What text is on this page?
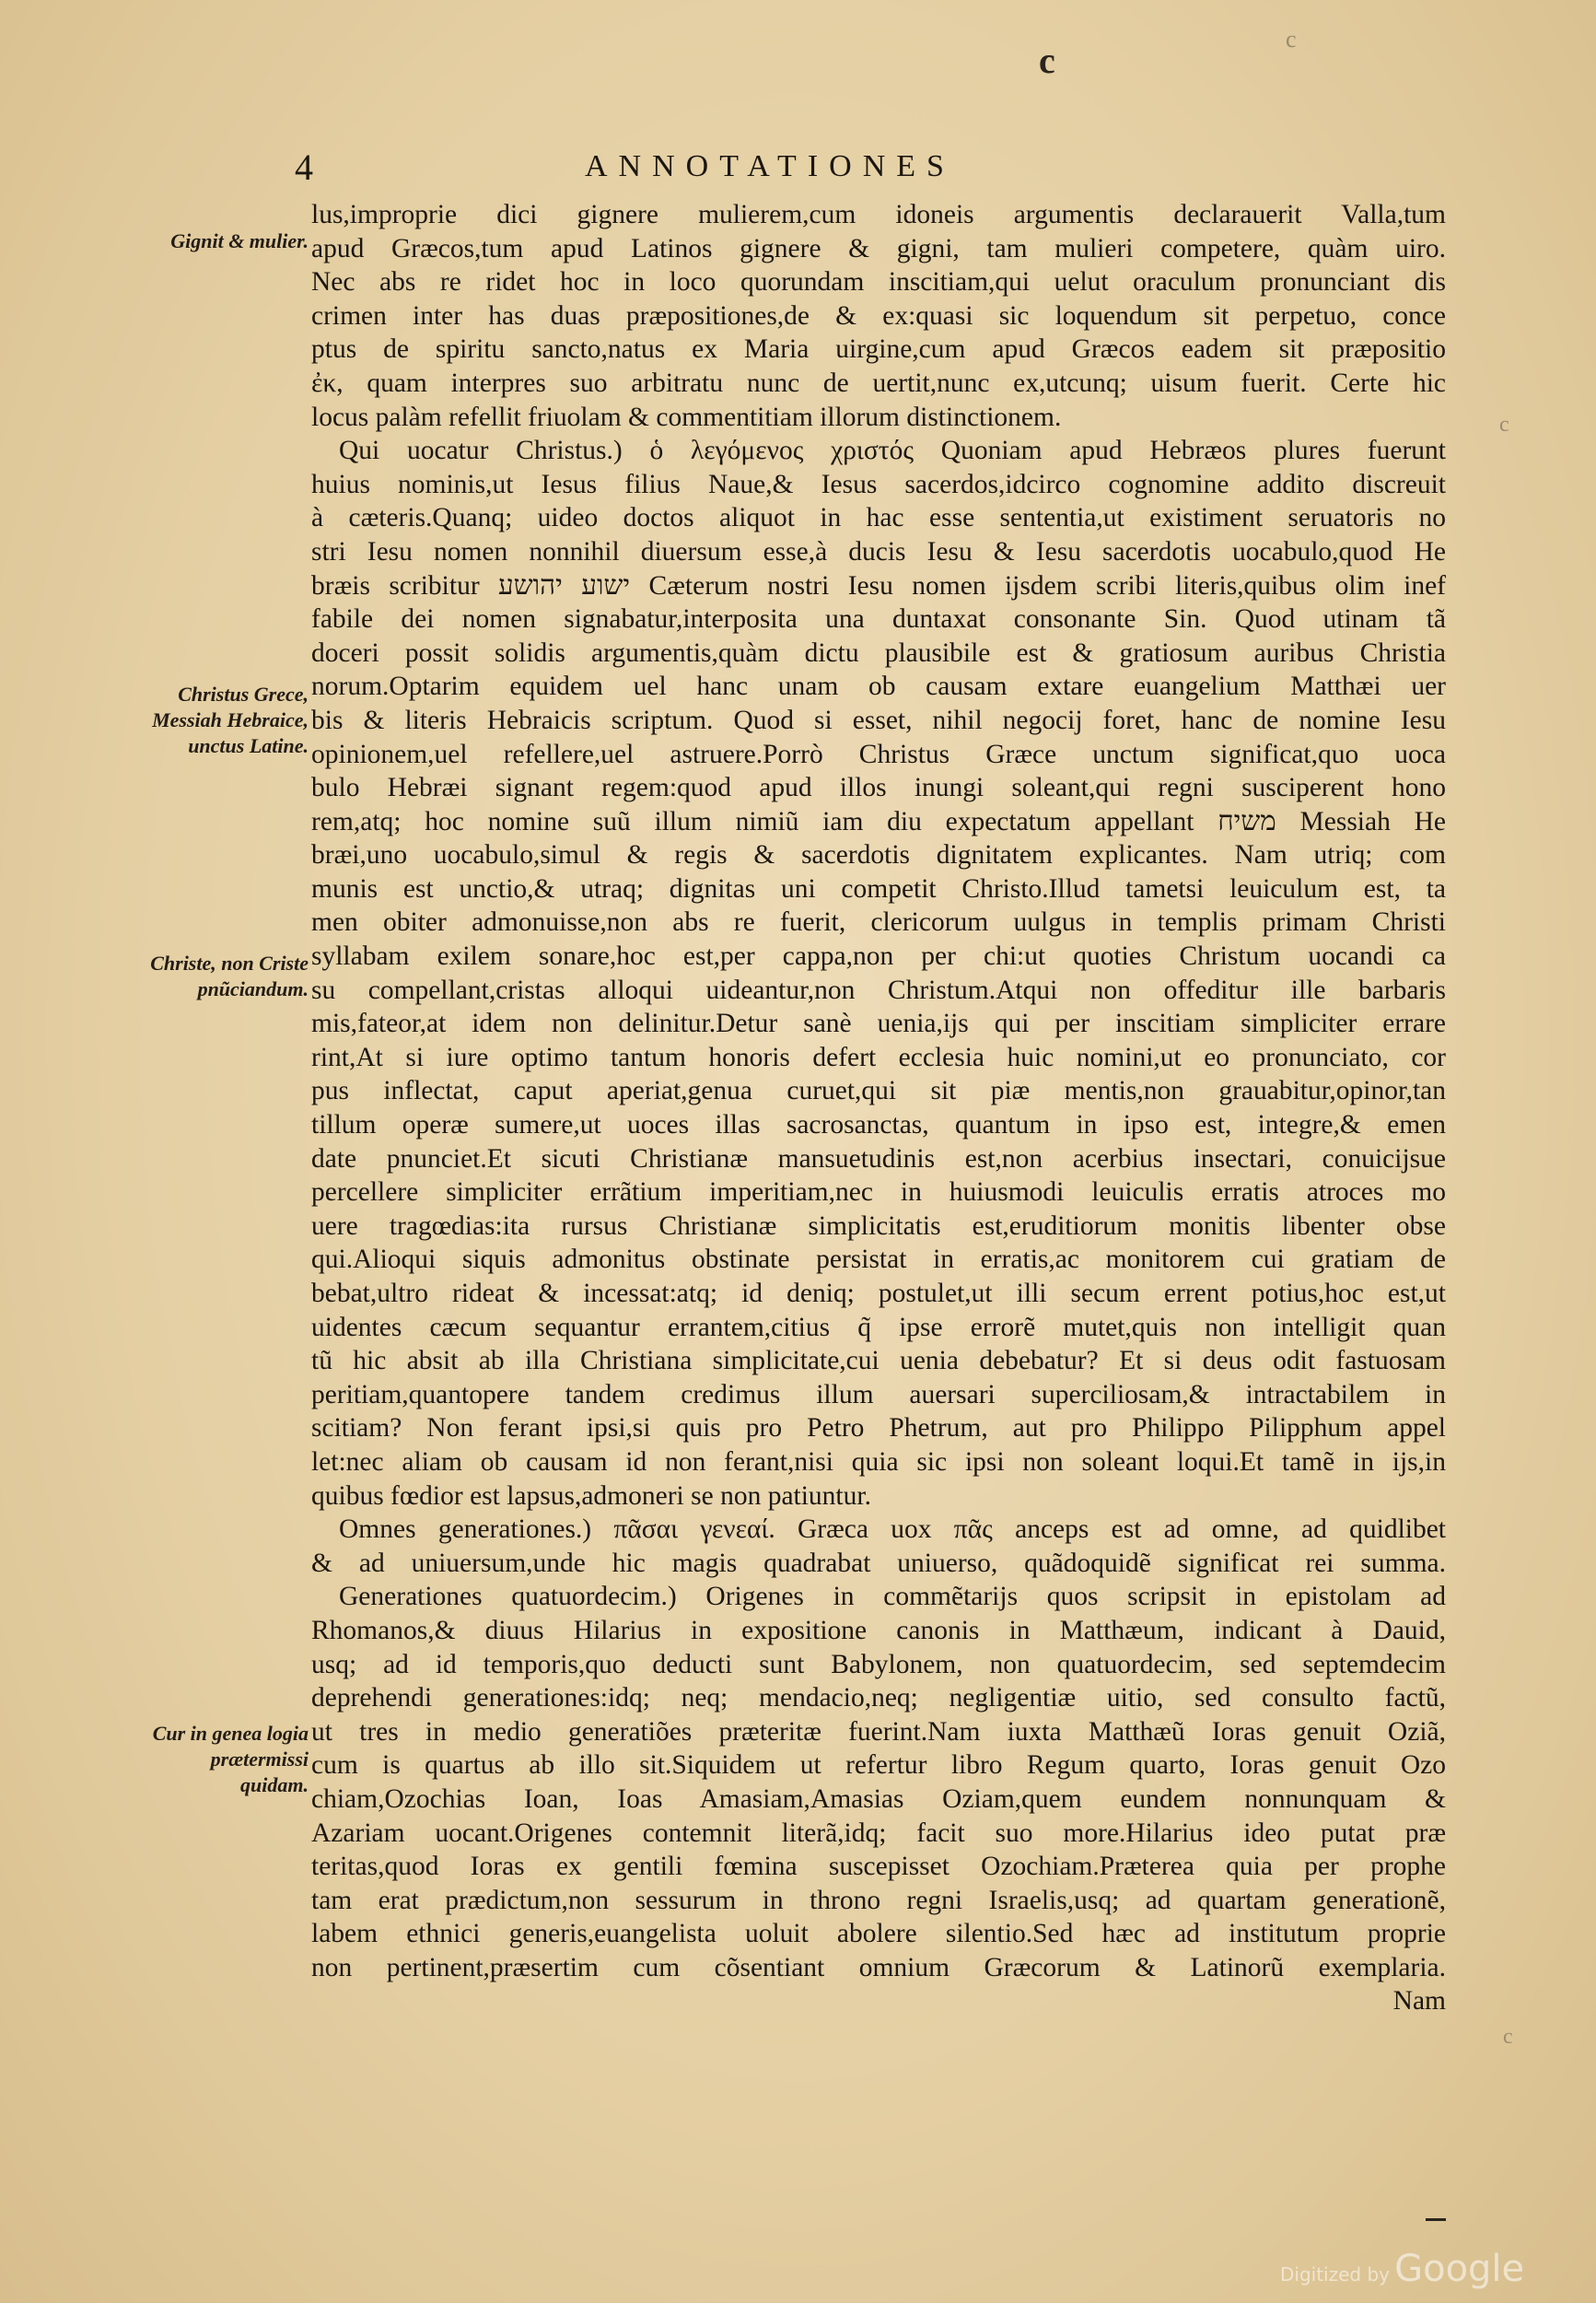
c
c
4	ANNOTATIONES
Gignit & mulier.
Christus Grece, Messiah Hebraice, unctus Latine.
Christe, non Criste pnũciandum.
Cur in genea logia prætermissi quidam.
lus,improprie dici gignere mulierem,cum idoneis argumentis declarauerit Valla,tum
apud Græcos,tum apud Latinos gignere & gigni, tam mulieri competere, quàm uiro.
Nec abs re ridet hoc in loco quorundam inscitiam,qui uelut oraculum pronunciant dis
crimen inter has duas præpositiones,de & ex:quasi sic loquendum sit perpetuo, conce
ptus de spiritu sancto,natus ex Maria uirgine,cum apud Græcos eadem sit præpositio
ἐκ, quam interpres suo arbitratu nunc de uertit,nunc ex,utcunq; uisum fuerit. Certe hic
locus palàm refellit friuolam & commentitiam illorum distinctionem.
Qui uocatur Christus.) ὁ λεγόμενος χριστός Quoniam apud Hebræos plures fuerunt
huius nominis,ut Iesus filius Naue,& Iesus sacerdos,idcirco cognomine addito discreuit
à cæteris.Quanq; uideo doctos aliquot in hac esse sententia,ut existiment seruatoris no
stri Iesu nomen nonnihil diuersum esse,à ducis Iesu & Iesu sacerdotis uocabulo,quod He
bræis scribitur ישוע יהושע Cæterum nostri Iesu nomen ijsdem scribi literis,quibus olim inef
fabile dei nomen signabatur,interposita una duntaxat consonante Sin. Quod utinam tã
doceri possit solidis argumentis,quàm dictu plausibile est & gratiosum auribus Christia
norum.Optarim equidem uel hanc unam ob causam extare euangelium Matthæi uer
bis & literis Hebraicis scriptum. Quod si esset, nihil negocij foret, hanc de nomine Iesu
opinionem,uel refellere,uel astruere.Porrò Christus Græce unctum significat,quo uoca
bulo Hebræi signant regem:quod apud illos inungi soleant,qui regni susciperent hono
rem,atq; hoc nomine suũ illum nimiũ iam diu expectatum appellant משיח Messiah He
bræi,uno uocabulo,simul & regis & sacerdotis dignitatem explicantes. Nam utriq; com
munis est unctio,& utraq; dignitas uni competit Christo.Illud tametsi leuiculum est, ta
men obiter admonuisse,non abs re fuerit, clericorum uulgus in templis primam Christi
syllabam exilem sonare,hoc est,per cappa,non per chi:ut quoties Christum uocandi ca
su compellant,cristas alloqui uideantur,non Christum.Atqui non offeditur ille barbaris
mis,fateor,at idem non delinitur.Detur sanè uenia,ijs qui per inscitiam simpliciter errare
rint,At si iure optimo tantum honoris defert ecclesia huic nomini,ut eo pronunciato, cor
pus inflectat, caput aperiat,genua curuet,qui sit piæ mentis,non grauabitur,opinor,tan
tillum operæ sumere,ut uoces illas sacrosanctas, quantum in ipso est, integre,& emen
date pnunciet.Et sicuti Christianæ mansuetudinis est,non acerbius insectari, conuicijsue
percellere simpliciter errãtium imperitiam,nec in huiusmodi leuiculis erratis atroces mo
uere tragœdias:ita rursus Christianæ simplicitatis est,eruditiorum monitis libenter obse
qui.Alioqui siquis admonitus obstinate persistat in erratis,ac monitorem cui gratiam de
bebat,ultro rideat & incessat:atq; id deniq; postulet,ut illi secum errent potius,hoc est,ut
uidentes cæcum sequantur errantem,citius q̃ ipse errorẽ mutet,quis non intelligit quan
tũ hic absit ab illa Christiana simplicitate,cui uenia debebatur? Et si deus odit fastuosam
peritiam,quantopere tandem credimus illum auersari superciliosam,& intractabilem in
scitiam? Non ferant ipsi,si quis pro Petro Phetrum, aut pro Philippo Pilipphum appel
let:nec aliam ob causam id non ferant,nisi quia sic ipsi non soleant loqui.Et tamẽ in ijs,in
quibus fœdior est lapsus,admoneri se non patiuntur.
Omnes generationes.) πᾶσαι γενεαί. Græca uox πᾶς anceps est ad omne, ad quidlibet
& ad uniuersum,unde hic magis quadrabat uniuerso, quãdoquidẽ significat rei summa.
Generationes quatuordecim.) Origenes in commẽtarijs quos scripsit in epistolam ad
Rhomanos,& diuus Hilarius in expositione canonis in Matthæum, indicant à Dauid,
usq; ad id temporis,quo deducti sunt Babylonem, non quatuordecim, sed septemdecim
deprehendi generationes:idq; neq; mendacio,neq; negligentiæ uitio, sed consulto factũ,
ut tres in medio generatiões præteritæ fuerint.Nam iuxta Matthæũ Ioras genuit Oziã,
cum is quartus ab illo sit.Siquidem ut refertur libro Regum quarto, Ioras genuit Ozo
chiam,Ozochias Ioan, Ioas Amasiam,Amasias Oziam,quem eundem nonnunquam &
Azariam uocant.Origenes contemnit literã,idq; facit suo more.Hilarius ideo putat præ
teritas,quod Ioras ex gentili fœmina suscepisset Ozochiam.Præterea quia per prophe
tam erat prædictum,non sessurum in throno regni Israelis,usq; ad quartam generationẽ,
labem ethnici generis,euangelista uoluit abolere silentio.Sed hæc ad institutum proprie
non pertinent,præsertim cum cõsentiant omnium Græcorum & Latinorũ exemplaria.
Nam
c
c
Digitized by Google
